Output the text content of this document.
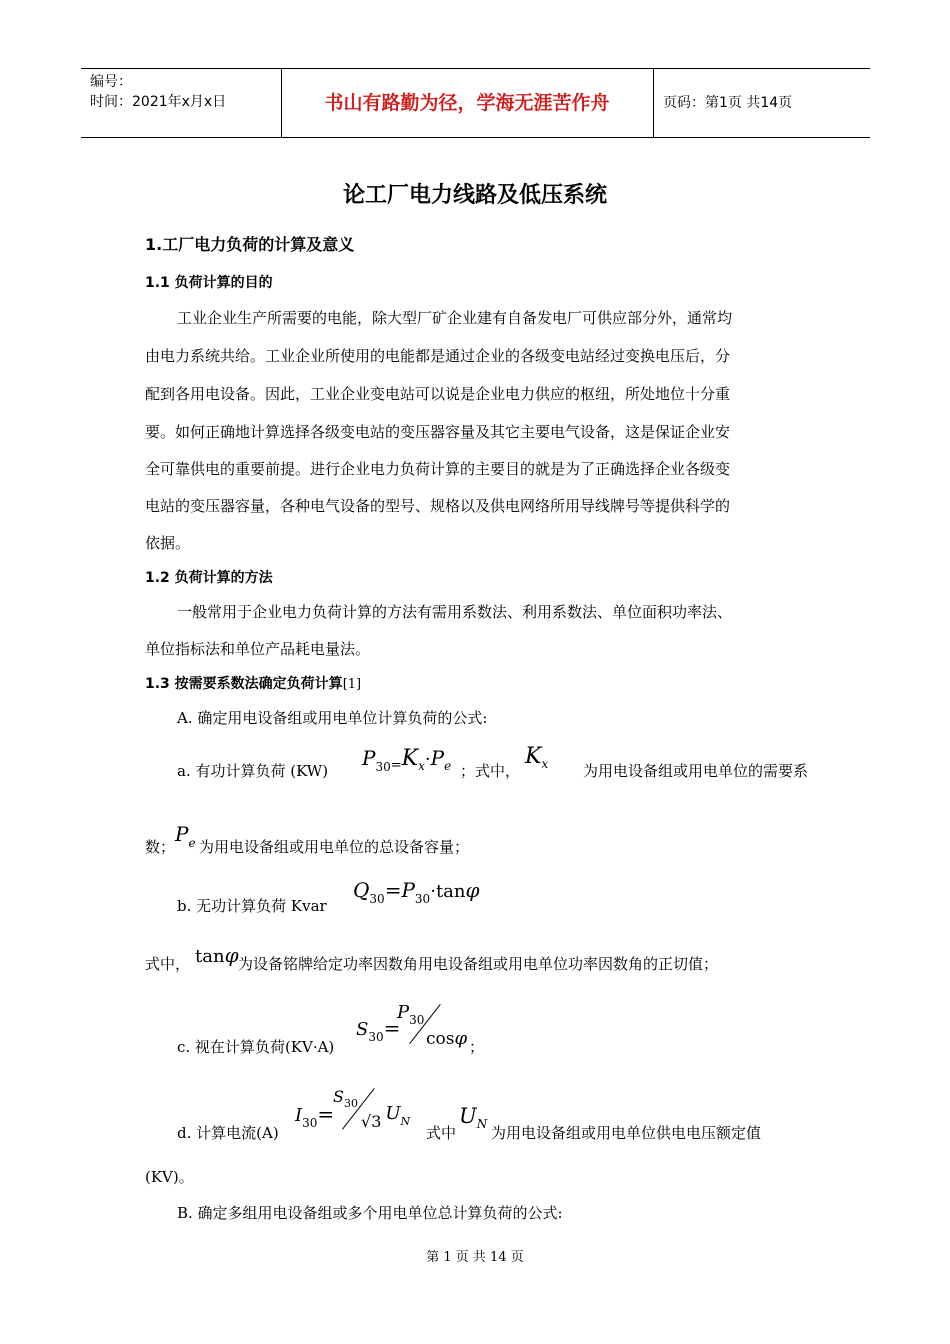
编号：
时间：2021年x月x日	书山有路勤为径，学海无涯苦作舟	页码：第1页 共14页
论工厂电力线路及低压系统
1.工厂电力负荷的计算及意义
1.1 负荷计算的目的
工业企业生产所需要的电能，除大型厂矿企业建有自备发电厂可供应部分外，通常均
由电力系统共给。工业企业所使用的电能都是通过企业的各级变电站经过变换电压后，分
配到各用电设备。因此，工业企业变电站可以说是企业电力供应的枢纽，所处地位十分重
要。如何正确地计算选择各级变电站的变压器容量及其它主要电气设备，这是保证企业安
全可靠供电的重要前提。进行企业电力负荷计算的主要目的就是为了正确选择企业各级变
电站的变压器容量，各种电气设备的型号、规格以及供电网络所用导线牌号等提供科学的
依据。
1.2 负荷计算的方法
一般常用于企业电力负荷计算的方法有需用系数法、利用系数法、单位面积功率法、
单位指标法和单位产品耗电量法。
1.3 按需要系数法确定负荷计算[1]
A. 确定用电设备组或用电单位计算负荷的公式:
a. 有功计算负荷 (KW)
$P_{30=}K_x\cdot P_e$ ；式中，
$K_x$ 为用电设备组或用电单位的需要系
数；
$P_e$ 为用电设备组或用电单位的总设备容量；
b. 无功计算负荷 Kvar
$Q_{30}=P_{30}\cdot\tan\varphi$
式中， tanφ 为设备铭牌给定功率因数角用电设备组或用电单位功率因数角的正切值；
c. 视在计算负荷(KV·A)
$S_{30}=$
$P_{30}$
cosφ ；
d. 计算电流(A)
$I_{30}=$
$S_{30}$
√3 UN
式中
$U_N$ 为用电设备组或用电单位供电电压额定值
(KV)。
B. 确定多组用电设备组或多个用电单位总计算负荷的公式:
第 1 页 共 14 页
